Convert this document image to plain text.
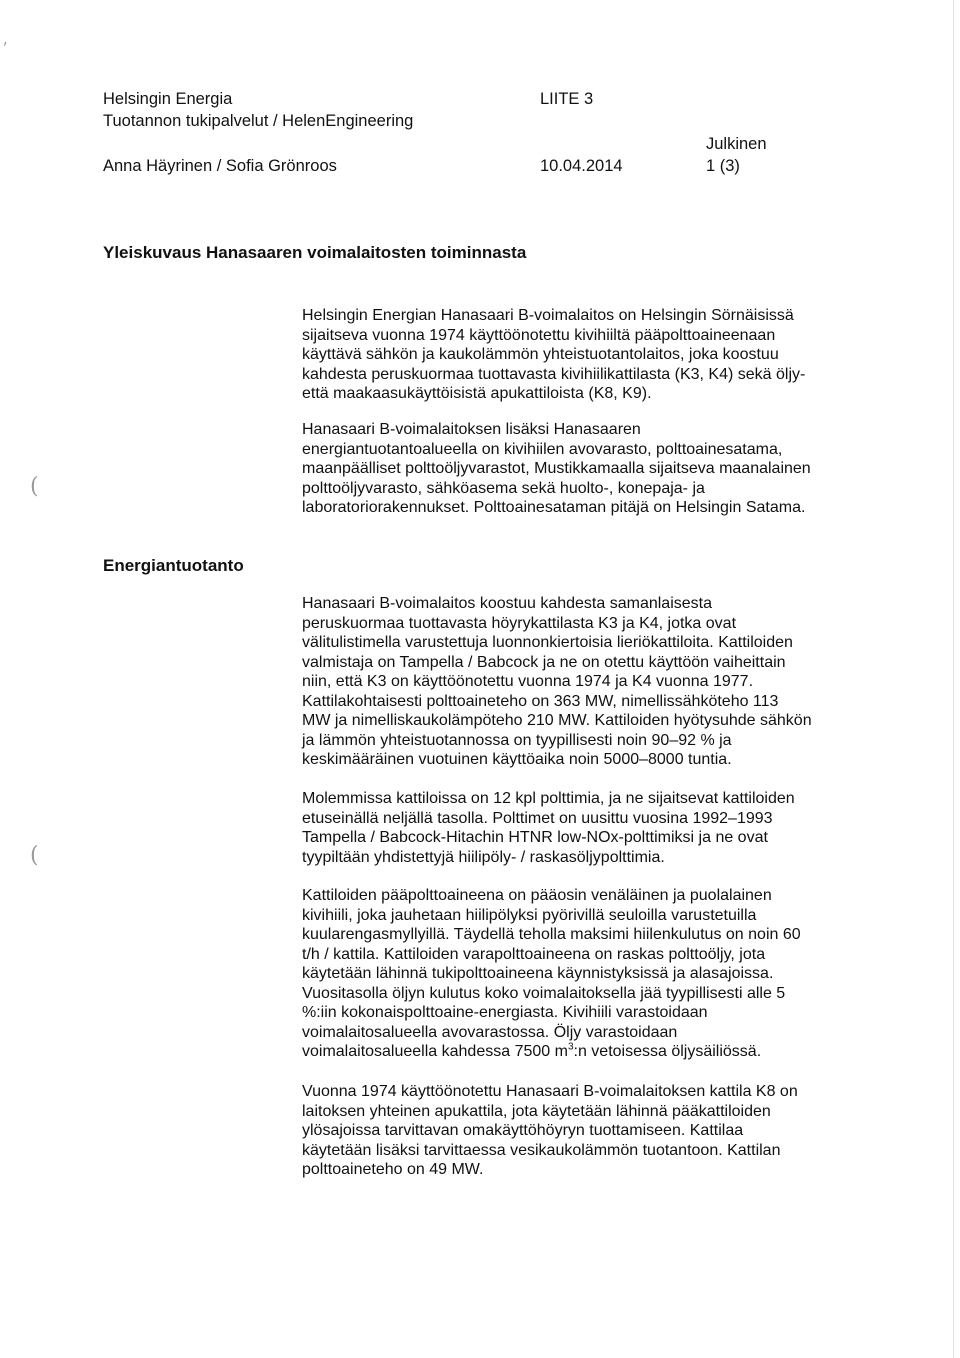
ʼ
(
(
Helsingin Energia
Tuotannon tukipalvelut / HelenEngineering
Anna Häyrinen / Sofia Grönroos
LIITE 3
10.04.2014
Julkinen
1 (3)
Yleiskuvaus Hanasaaren voimalaitosten toiminnasta

Helsingin Energian Hanasaari B-voimalaitos on Helsingin Sörnäisissä

sijaitseva vuonna 1974 käyttöönotettu kivihiiltä pääpolttoaineenaan

käyttävä sähkön ja kaukolämmön yhteistuotantolaitos, joka koostuu

kahdesta peruskuormaa tuottavasta kivihiilikattilasta (K3, K4) sekä öljy-

että maakaasukäyttöisistä apukattiloista (K8, K9).

Hanasaari B-voimalaitoksen lisäksi Hanasaaren

energiantuotantoalueella on kivihiilen avovarasto, polttoainesatama,

maanpäälliset polttoöljyvarastot, Mustikkamaalla sijaitseva maanalainen

polttoöljyvarasto, sähköasema sekä huolto-, konepaja- ja

laboratoriorakennukset. Polttoainesataman pitäjä on Helsingin Satama.

Energiantuotanto

Hanasaari B-voimalaitos koostuu kahdesta samanlaisesta

peruskuormaa tuottavasta höyrykattilasta K3 ja K4, jotka ovat

välitulistimella varustettuja luonnonkiertoisia lieriökattiloita. Kattiloiden

valmistaja on Tampella / Babcock ja ne on otettu käyttöön vaiheittain

niin, että K3 on käyttöönotettu vuonna 1974 ja K4 vuonna 1977.

Kattilakohtaisesti polttoaineteho on 363 MW, nimellissähköteho 113

MW ja nimelliskaukolämpöteho 210 MW. Kattiloiden hyötysuhde sähkön

ja lämmön yhteistuotannossa on tyypillisesti noin 90–92 % ja

keskimääräinen vuotuinen käyttöaika noin 5000–8000 tuntia.

Molemmissa kattiloissa on 12 kpl polttimia, ja ne sijaitsevat kattiloiden

etuseinällä neljällä tasolla. Polttimet on uusittu vuosina 1992–1993

Tampella / Babcock-Hitachin HTNR low-NOx-polttimiksi ja ne ovat

tyypiltään yhdistettyjä hiilipöly- / raskasöljypolttimia.

Kattiloiden pääpolttoaineena on pääosin venäläinen ja puolalainen

kivihiili, joka jauhetaan hiilipölyksi pyörivillä seuloilla varustetuilla

kuularengasmyllyillä. Täydellä teholla maksimi hiilenkulutus on noin 60

t/h / kattila. Kattiloiden varapolttoaineena on raskas polttoöljy, jota

käytetään lähinnä tukipolttoaineena käynnistyksissä ja alasajoissa.

Vuositasolla öljyn kulutus koko voimalaitoksella jää tyypillisesti alle 5

%:iin kokonaispolttoaine-energiasta. Kivihiili varastoidaan

voimalaitosalueella avovarastossa. Öljy varastoidaan

voimalaitosalueella kahdessa 7500 $m^3:n$ vetoisessa öljysäiliössä.

Vuonna 1974 käyttöönotettu Hanasaari B-voimalaitoksen kattila K8 on

laitoksen yhteinen apukattila, jota käytetään lähinnä pääkattiloiden

ylösajoissa tarvittavan omakäyttöhöyryn tuottamiseen. Kattilaa

käytetään lisäksi tarvittaessa vesikaukolämmön tuotantoon. Kattilan

polttoaineteho on 49 MW.
